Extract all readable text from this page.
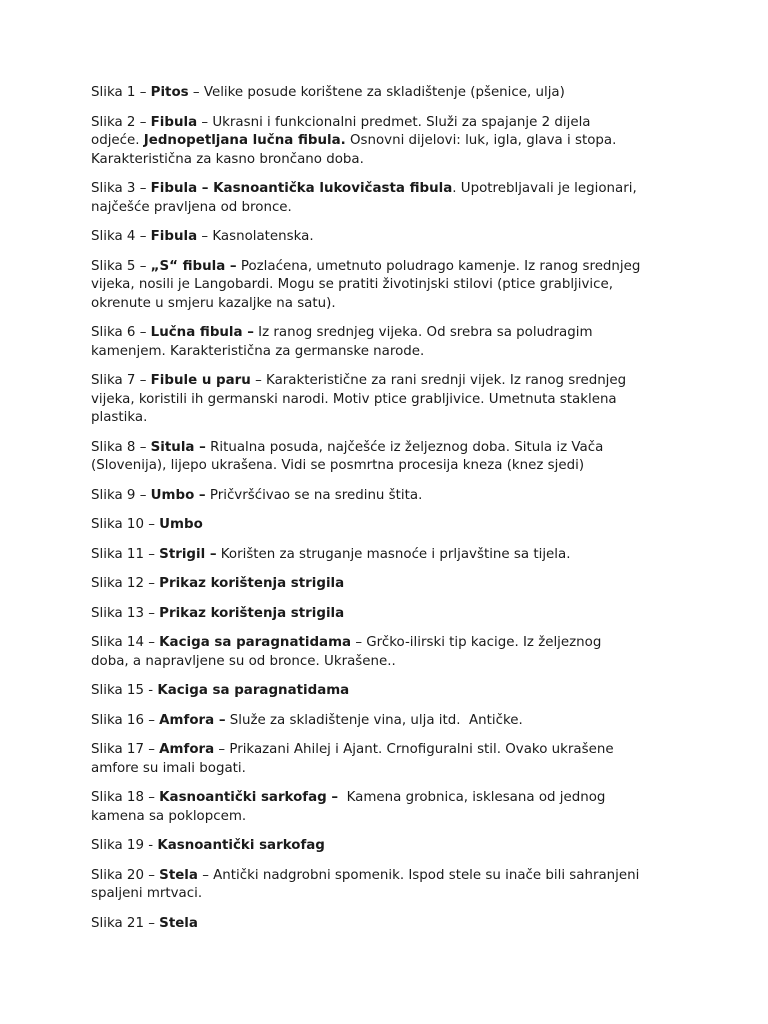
Slika 1 – Pitos – Velike posude korištene za skladištenje (pšenice, ulja)

Slika 2 – Fibula – Ukrasni i funkcionalni predmet. Služi za spajanje 2 dijela
odjeće. Jednopetljana lučna fibula. Osnovni dijelovi: luk, igla, glava i stopa.
Karakteristična za kasno brončano doba.

Slika 3 – Fibula – Kasnoantička lukovičasta fibula. Upotrebljavali je legionari,
najčešće pravljena od bronce.

Slika 4 – Fibula – Kasnolatenska.

Slika 5 – „S“ fibula – Pozlaćena, umetnuto poludrago kamenje. Iz ranog srednjeg
vijeka, nosili je Langobardi. Mogu se pratiti životinjski stilovi (ptice grabljivice,
okrenute u smjeru kazaljke na satu).

Slika 6 – Lučna fibula – Iz ranog srednjeg vijeka. Od srebra sa poludragim
kamenjem. Karakteristična za germanske narode.

Slika 7 – Fibule u paru – Karakteristične za rani srednji vijek. Iz ranog srednjeg
vijeka, koristili ih germanski narodi. Motiv ptice grabljivice. Umetnuta staklena
plastika.

Slika 8 – Situla – Ritualna posuda, najčešće iz željeznog doba. Situla iz Vača
(Slovenija), lijepo ukrašena. Vidi se posmrtna procesija kneza (knez sjedi)

Slika 9 – Umbo – Pričvršćivao se na sredinu štita.

Slika 10 – Umbo

Slika 11 – Strigil – Korišten za struganje masnoće i prljavštine sa tijela.

Slika 12 – Prikaz korištenja strigila

Slika 13 – Prikaz korištenja strigila

Slika 14 – Kaciga sa paragnatidama – Grčko-ilirski tip kacige. Iz željeznog
doba, a napravljene su od bronce. Ukrašene..

Slika 15 - Kaciga sa paragnatidama

Slika 16 – Amfora – Služe za skladištenje vina, ulja itd.  Antičke.

Slika 17 – Amfora – Prikazani Ahilej i Ajant. Crnofiguralni stil. Ovako ukrašene
amfore su imali bogati.

Slika 18 – Kasnoantički sarkofag –  Kamena grobnica, isklesana od jednog
kamena sa poklopcem.

Slika 19 - Kasnoantički sarkofag

Slika 20 – Stela – Antički nadgrobni spomenik. Ispod stele su inače bili sahranjeni
spaljeni mrtvaci.

Slika 21 – Stela
